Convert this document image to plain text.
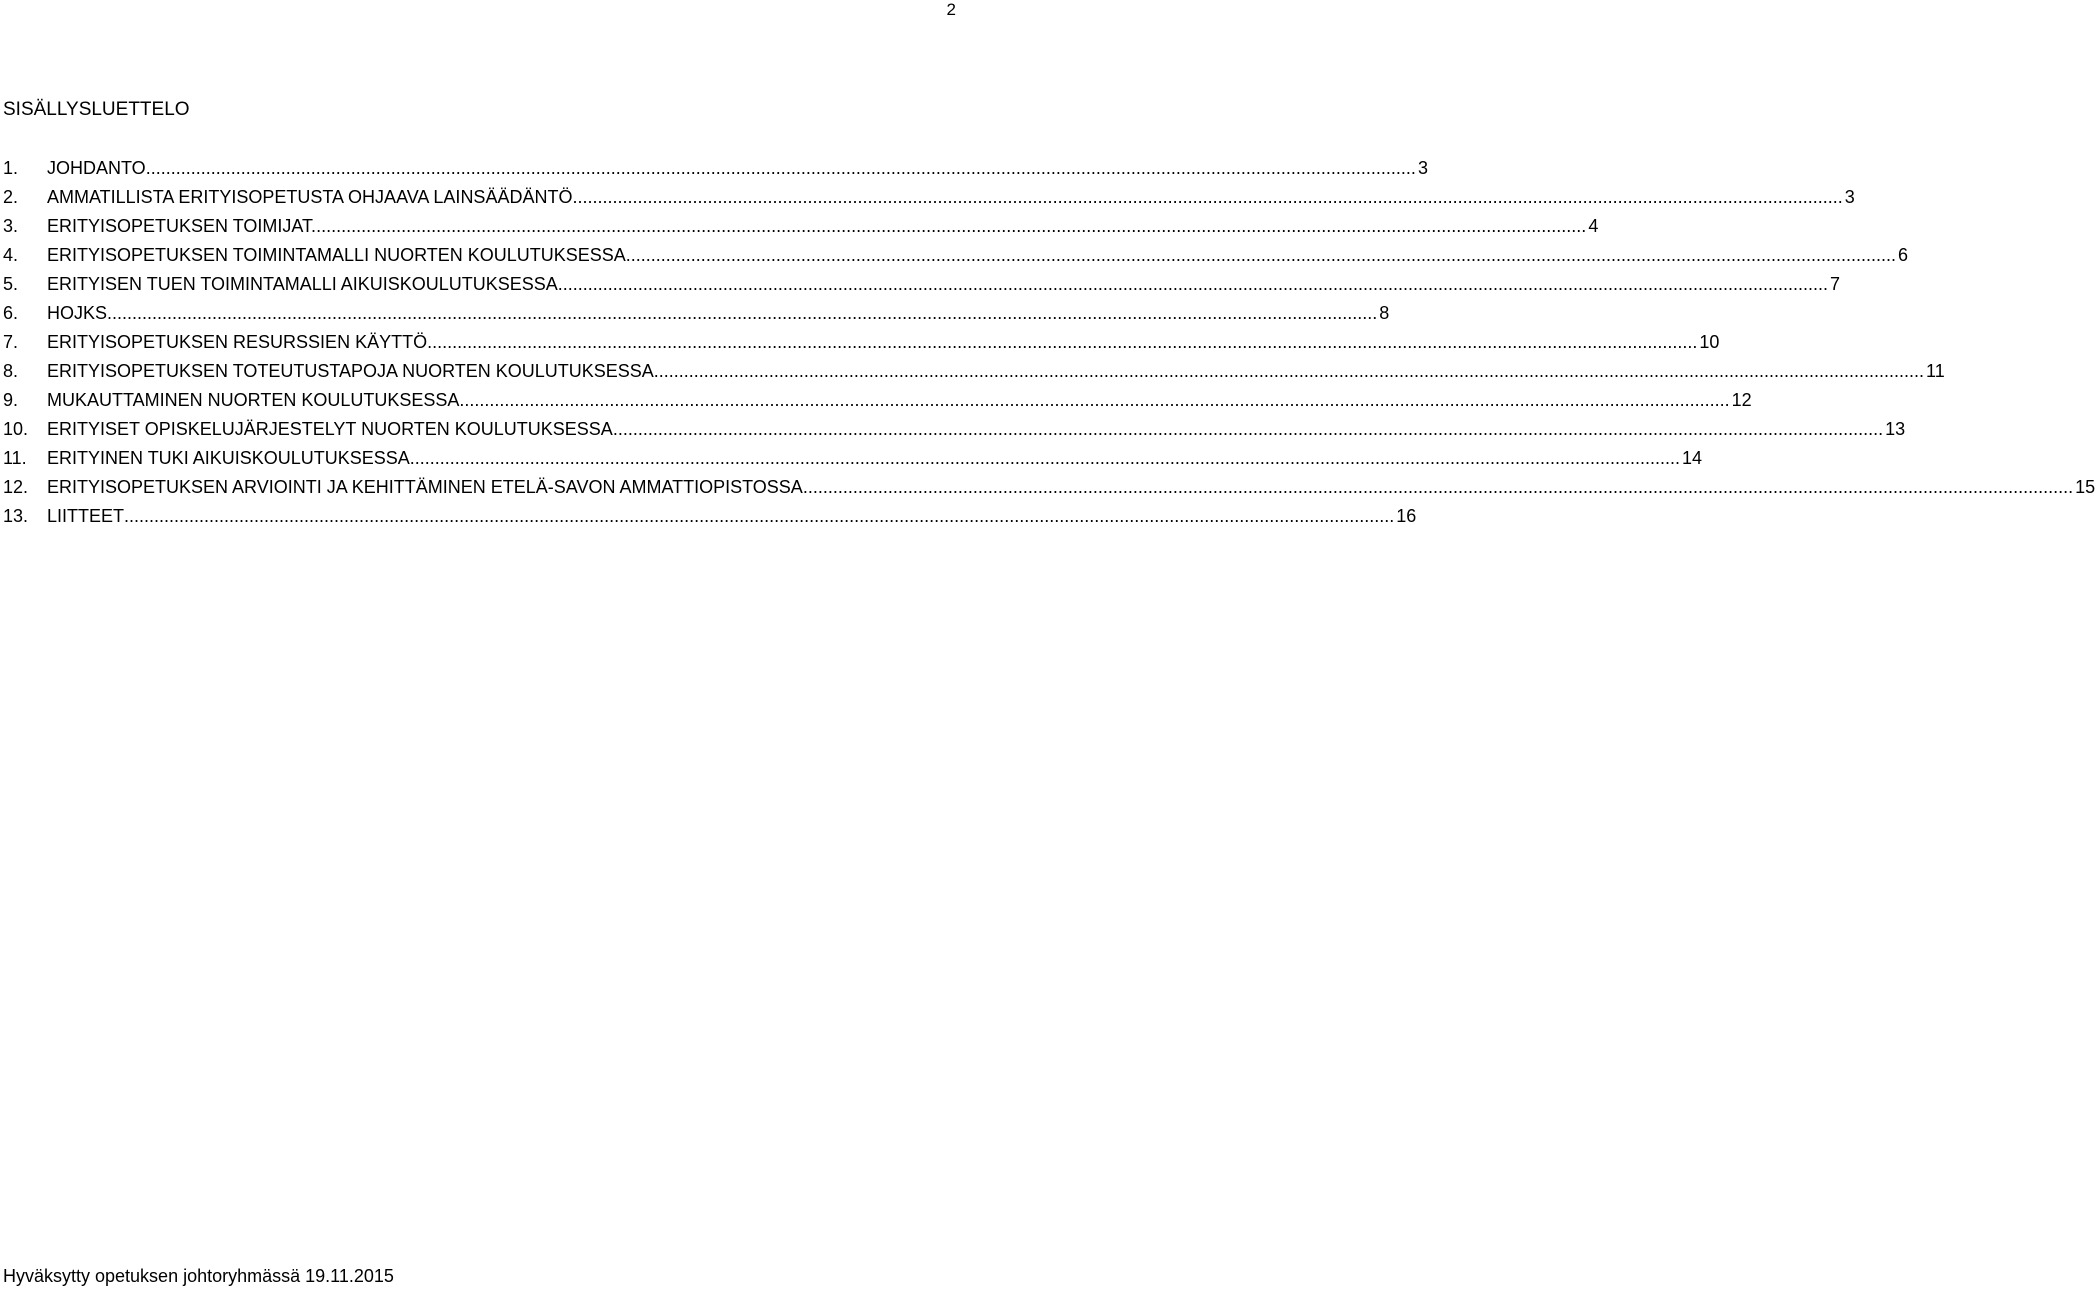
2
SISÄLLYSLUETTELO
1.	JOHDANTO .....	3
2.	AMMATILLISTA ERITYISOPETUSTA OHJAAVA LAINSÄÄDÄNTÖ .....	3
3.	ERITYISOPETUKSEN TOIMIJAT. .....	4
4.	ERITYISOPETUKSEN TOIMINTAMALLI NUORTEN KOULUTUKSESSA .....	6
5.	ERITYISEN TUEN TOIMINTAMALLI AIKUISKOULUTUKSESSA .....	7
6.	HOJKS .....	8
7.	ERITYISOPETUKSEN RESURSSIEN KÄYTTÖ .....	10
8.	ERITYISOPETUKSEN TOTEUTUSTAPOJA NUORTEN KOULUTUKSESSA .....	11
9.	MUKAUTTAMINEN NUORTEN KOULUTUKSESSA .....	12
10.	ERITYISET OPISKELUJÄRJESTELYT NUORTEN KOULUTUKSESSA .....	13
11.	ERITYINEN TUKI AIKUISKOULUTUKSESSA .....	14
12.	ERITYISOPETUKSEN ARVIOINTI JA KEHITTÄMINEN ETELÄ-SAVON AMMATTIOPISTOSSA .....	15
13.	LIITTEET .....	16
Hyväksytty opetuksen johtoryhmässä 19.11.2015
